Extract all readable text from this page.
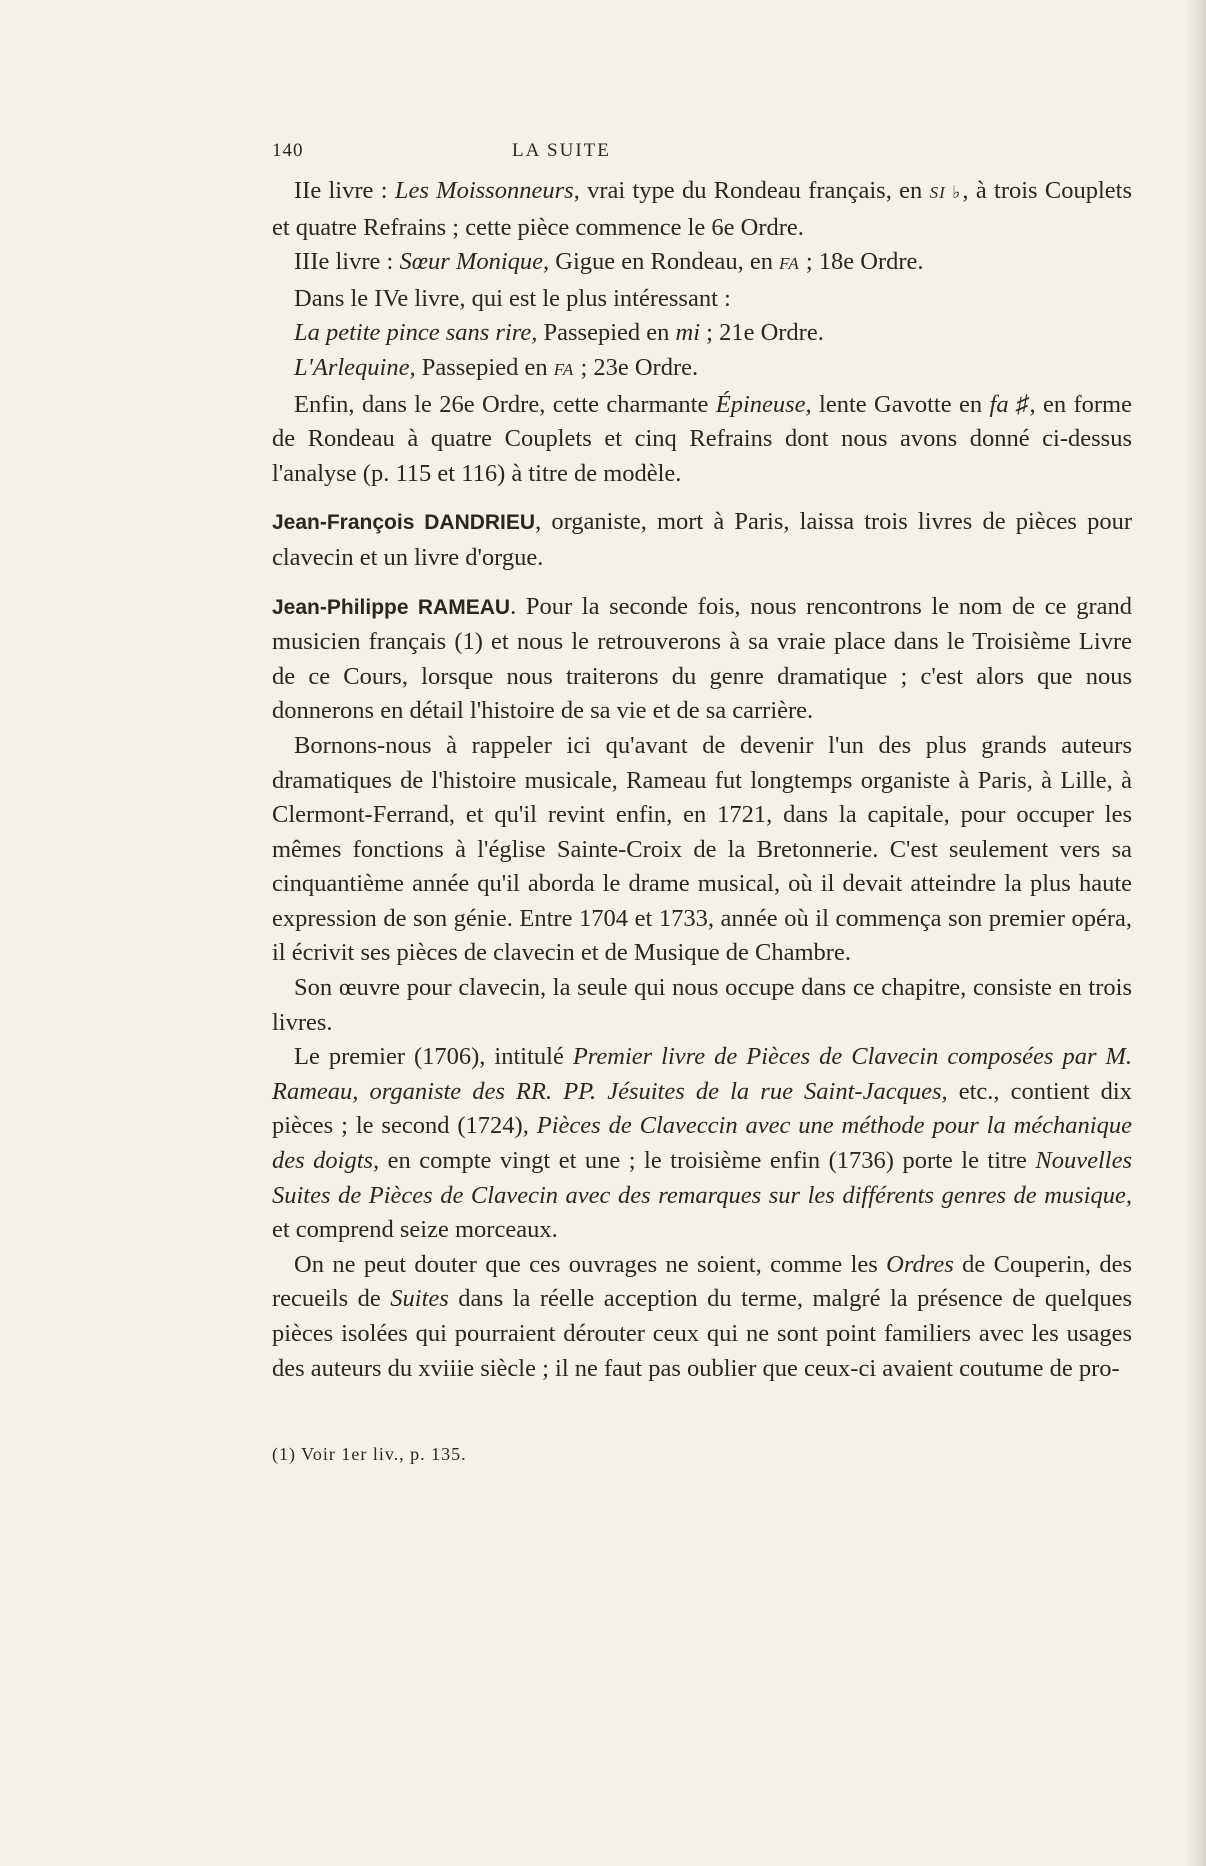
140	LA SUITE

IIe livre : Les Moissonneurs, vrai type du Rondeau français, en SI ♭, à trois Couplets et quatre Refrains ; cette pièce commence le 6e Ordre.

IIIe livre : Sœur Monique, Gigue en Rondeau, en FA ; 18e Ordre.

Dans le IVe livre, qui est le plus intéressant :

La petite pince sans rire, Passepied en mi ; 21e Ordre.

L'Arlequine, Passepied en FA ; 23e Ordre.

Enfin, dans le 26e Ordre, cette charmante Épineuse, lente Gavotte en fa ♯, en forme de Rondeau à quatre Couplets et cinq Refrains dont nous avons donné ci-dessus l'analyse (p. 115 et 116) à titre de modèle.

Jean-François DANDRIEU, organiste, mort à Paris, laissa trois livres de pièces pour clavecin et un livre d'orgue.

Jean-Philippe RAMEAU. Pour la seconde fois, nous rencontrons le nom de ce grand musicien français (1) et nous le retrouverons à sa vraie place dans le Troisième Livre de ce Cours, lorsque nous traiterons du genre dramatique ; c'est alors que nous donnerons en détail l'histoire de sa vie et de sa carrière.

Bornons-nous à rappeler ici qu'avant de devenir l'un des plus grands auteurs dramatiques de l'histoire musicale, Rameau fut longtemps organiste à Paris, à Lille, à Clermont-Ferrand, et qu'il revint enfin, en 1721, dans la capitale, pour occuper les mêmes fonctions à l'église Sainte-Croix de la Bretonnerie. C'est seulement vers sa cinquantième année qu'il aborda le drame musical, où il devait atteindre la plus haute expression de son génie. Entre 1704 et 1733, année où il commença son premier opéra, il écrivit ses pièces de clavecin et de Musique de Chambre.

Son œuvre pour clavecin, la seule qui nous occupe dans ce chapitre, consiste en trois livres.

Le premier (1706), intitulé Premier livre de Pièces de Clavecin composées par M. Rameau, organiste des RR. PP. Jésuites de la rue Saint-Jacques, etc., contient dix pièces ; le second (1724), Pièces de Claveссin avec une méthode pour la méchanique des doigts, en compte vingt et une ; le troisième enfin (1736) porte le titre Nouvelles Suites de Pièces de Clavecin avec des remarques sur les différents genres de musique, et comprend seize morceaux.

On ne peut douter que ces ouvrages ne soient, comme les Ordres de Couperin, des recueils de Suites dans la réelle acception du terme, malgré la présence de quelques pièces isolées qui pourraient dérouter ceux qui ne sont point familiers avec les usages des auteurs du xviiie siècle ; il ne faut pas oublier que ceux-ci avaient coutume de pro-

(1) Voir 1er liv., p. 135.
